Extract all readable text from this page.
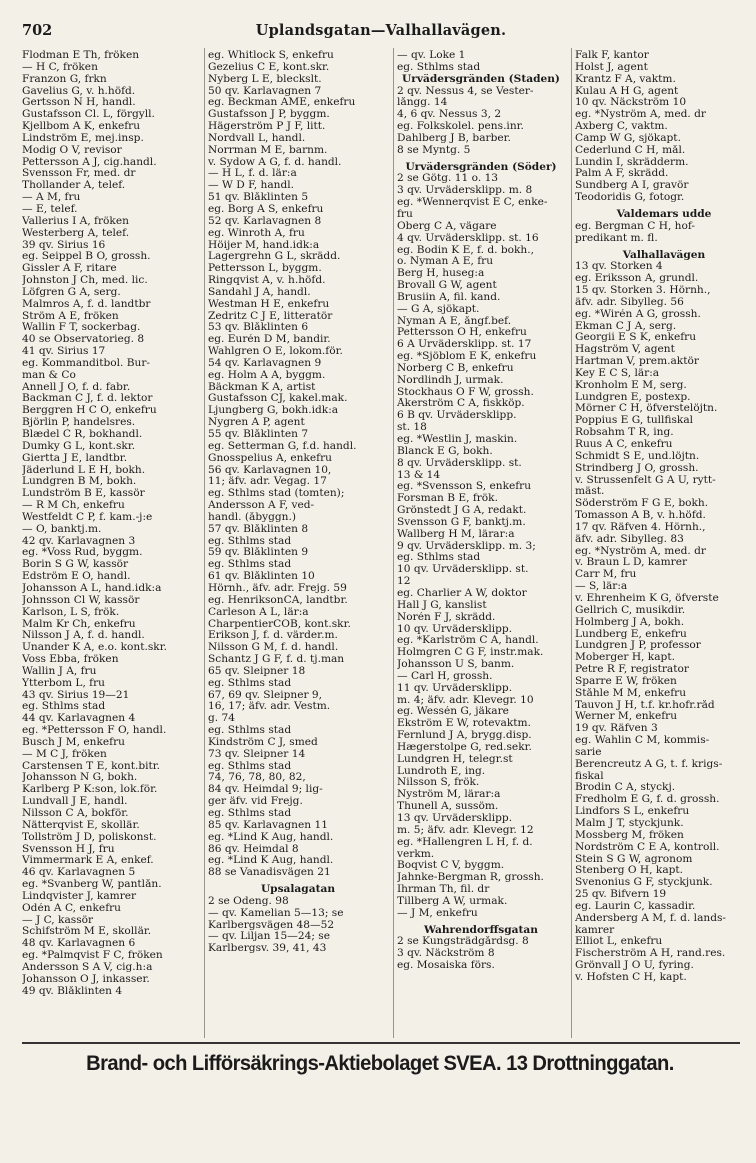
702	Uplandsgatan—Valhallavägen.
Flodman E Th, fröken
— H C, fröken
Franzon G, frkn
Gavelius G, v. h.höfd.
Gertsson N H, handl.
Gustafsson Cl. L, förgyll.
Kjellbom A K, enkefru
Lindström E, mej.insp.
Modig O V, revisor
Pettersson A J, cig.handl.
Svensson Fr, med. dr
Thollander A, telef.
— A M, fru
— E, telef.
Vallerius I A, fröken
Westerberg A, telef.
39 qv. Sirius 16
eg. Seippel B O, grossh.
Gissler A F, ritare
Johnston J Ch, med. lic.
Löfgren G A, serg.
Malmros A, f. d. landtbr
Ström A E, fröken
Wallin F T, sockerbag.
40 se Observatorieg. 8
41 qv. Sirius 17
eg. Kommanditbol. Bur-
man & Co
Annell J O, f. d. fabr.
Backman C J, f. d. lektor
Berggren H C O, enkefru
Björlin P, handelsres.
Blædel C R, bokhandl.
Dumky G L, kont.skr.
Giertta J E, landtbr.
Jäderlund L E H, bokh.
Lundgren B M, bokh.
Lundström B E, kassör
— R M Ch, enkefru
Westfeldt C P, f. kam.-j:e
— O, banktj.m.
42 qv. Karlavagnen 3
eg. *Voss Rud, byggm.
Borin S G W, kassör
Edström E O, handl.
Johansson A L, hand.idk:a
Johnsson Cl W, kassör
Karlson, L S, frök.
Malm Kr Ch, enkefru
Nilsson J A, f. d. handl.
Unander K A, e.o. kont.skr.
Voss Ebba, fröken
Wallin J A, fru
Ytterbom L, fru
43 qv. Sirius 19—21
eg. Sthlms stad
44 qv. Karlavagnen 4
eg. *Pettersson F O, handl.
Busch J M, enkefru
— M C J, fröken
Carstensen T E, kont.bitr.
Johansson N G, bokh.
Karlberg P K:son, lok.för.
Lundvall J E, handl.
Nilsson C A, bokför.
Nätterqvist E, skollär.
Tollström J D, poliskonst.
Svensson H J, fru
Vimmermark E A, enkef.
46 qv. Karlavagnen 5
eg. *Svanberg W, pantlån.
Lindqvister J, kamrer
Odén A C, enkefru
— J C, kassör
Schifström M E, skollär.
48 qv. Karlavagnen 6
eg. *Palmqvist F C, fröken
Andersson S A V, cig.h:a
Johansson O J, inkasser.
49 qv. Blåklinten 4
eg. Whitlock S, enkefru
Gezelius C E, kont.skr.
Nyberg L E, bleckslt.
50 qv. Karlavagnen 7
eg. Beckman AME, enkefru
Gustafsson J P, byggm.
Hägerström P J F, litt.
Nordvall L, handl.
Norrman M E, barnm.
v. Sydow A G, f. d. handl.
— H L, f. d. lär:a
— W D F, handl.
51 qv. Blåklinten 5
eg. Borg A S, enkefru
52 qv. Karlavagnen 8
eg. Winroth A, fru
Höijer M, hand.idk:a
Lagergrehn G L, skrädd.
Pettersson L, byggm.
Ringqvist A, v. h.höfd.
Sandahl J A, handl.
Westman H E, enkefru
Zedritz C J E, litteratör
53 qv. Blåklinten 6
eg. Eurén D M, bandir.
Wahlgren O E, lokom.för.
54 qv. Karlavagnen 9
eg. Holm A A, byggm.
Bäckman K A, artist
Gustafsson CJ, kakel.mak.
Ljungberg G, bokh.idk:a
Nygren A P, agent
55 qv. Blåklinten 7
eg. Setterman G, f.d. handl.
Gnosspelius A, enkefru
56 qv. Karlavagnen 10,
11; äfv. adr. Vegag. 17
eg. Sthlms stad (tomten);
Andersson A F, ved-
handl. (åbyggn.)
57 qv. Blåklinten 8
eg. Sthlms stad
59 qv. Blåklinten 9
eg. Sthlms stad
61 qv. Blåklinten 10
Hörnh., äfv. adr. Frejg. 59
eg. HenriksonCA, landtbr.
Carleson A L, lär:a
CharpentierCOB, kont.skr.
Erikson J, f. d. värder.m.
Nilsson G M, f. d. handl.
Schantz J G F, f. d. tj.man
65 qv. Sleipner 18
eg. Sthlms stad
67, 69 qv. Sleipner 9,
16, 17; äfv. adr. Vestm.
g. 74
eg. Sthlms stad
Kindström C J, smed
73 qv. Sleipner 14
eg. Sthlms stad
74, 76, 78, 80, 82,
84 qv. Heimdal 9; lig-
ger äfv. vid Frejg.
eg. Sthlms stad
85 qv. Karlavagnen 11
eg. *Lind K Aug, handl.
86 qv. Heimdal 8
eg. *Lind K Aug, handl.
88 se Vanadisvägen 21
Upsalagatan
2 se Odeng. 98
— qv. Kamelian 5—13; se
Karlbergsvägen 48—52
— qv. Liljan 15—24; se
Karlbergsv. 39, 41, 43
— qv. Loke 1
eg. Sthlms stad
Urvädersgränden (Staden)
2 qv. Nessus 4, se Vester-
långg. 14
4, 6 qv. Nessus 3, 2
eg. Folkskolel. pens.inr.
Dahlberg J B, barber.
8 se Myntg. 5
Urvädersgränden (Söder)
2 se Götg. 11 o. 13
3 qv. Urvädersklipp. m. 8
eg. *Wennerqvist E C, enke-
fru
Öberg C A, vägare
4 qv. Urvädersklipp. st. 16
eg. Bodin K E, f. d. bokh.,
o. Nyman A E, fru
Berg H, huseg:a
Brovall G W, agent
Brusiin A, fil. kand.
— G A, sjökapt.
Nyman A E, ångf.bef.
Pettersson O H, enkefru
6 A Urvädersklipp. st. 17
eg. *Sjöblom E K, enkefru
Norberg C B, enkefru
Nordlindh J, urmak.
Stockhaus O F W, grossh.
Åkerström C A, fiskköp.
6 B qv. Urvädersklipp.
st. 18
eg. *Westlin J, maskin.
Blanck E G, bokh.
8 qv. Urvädersklipp. st.
13 & 14
eg. *Svensson S, enkefru
Forsman B E, frök.
Grönstedt J G A, redakt.
Svensson G F, banktj.m.
Wallberg H M, lärar:a
9 qv. Urvädersklipp. m. 3;
eg. Sthlms stad
10 qv. Urvädersklipp. st.
12
eg. Charlier A W, doktor
Hall J G, kanslist
Norén F J, skrädd.
10 qv. Urvädersklipp.
eg. *Karlström C A, handl.
Holmgren C G F, instr.mak.
Johansson U S, banm.
— Carl H, grossh.
11 qv. Urvädersklipp.
m. 4; äfv. adr. Klevegr. 10
eg. Wessén G, jäkare
Ekström E W, rotevaktm.
Fernlund J A, brygg.disp.
Hægerstolpe G, red.sekr.
Lundgren H, telegr.st
Lundroth E, ing.
Nilsson S, frök.
Nyström M, lärar:a
Thunell A, sussöm.
13 qv. Urvädersklipp.
m. 5; äfv. adr. Klevegr. 12
eg. *Hallengren L H, f. d.
verkm.
Boqvist C V, byggm.
Jahnke-Bergman R, grossh.
Ihrman Th, fil. dr
Tillberg A W, urmak.
— J M, enkefru
Wahrendorffsgatan
2 se Kungsträdgårdsg. 8
3 qv. Näckström 8
eg. Mosaiska förs.
Falk F, kantor
Holst J, agent
Krantz F A, vaktm.
Kulau A H G, agent
10 qv. Näckström 10
eg. *Nyström A, med. dr
Axberg C, vaktm.
Camp W G, sjökapt.
Cederlund C H, mål.
Lundin I, skrädderm.
Palm A F, skrädd.
Sundberg A I, gravör
Teodoridis G, fotogr.
Valdemars udde
eg. Bergman C H, hof-
predikant m. fl.
Valhallavägen
13 qv. Storken 4
eg. Eriksson A, grundl.
15 qv. Storken 3. Hörnh.,
äfv. adr. Sibylleg. 56
eg. *Wirén A G, grossh.
Ekman C J A, serg.
Georgii E S K, enkefru
Hagström V, agent
Hartman V, prem.aktör
Key E C S, lär:a
Kronholm E M, serg.
Lundgren E, postexp.
Mörner C H, öfverstelöjtn.
Poppius E G, tullfiskal
Robsahm T R, ing.
Ruus A C, enkefru
Schmidt S E, und.löjtn.
Strindberg J O, grossh.
v. Strussenfelt G A U, rytt-
mäst.
Söderström F G E, bokh.
Tomasson A B, v. h.höfd.
17 qv. Räfven 4. Hörnh.,
äfv. adr. Sibylleg. 83
eg. *Nyström A, med. dr
v. Braun L D, kamrer
Carr M, fru
— S, lär:a
v. Ehrenheim K G, öfverste
Gellrich C, musikdir.
Holmberg J A, bokh.
Lundberg E, enkefru
Lundgren J P, professor
Moberger H, kapt.
Petre R F, registrator
Sparre E W, fröken
Ståhle M M, enkefru
Tauvon J H, t.f. kr.hofr.råd
Werner M, enkefru
19 qv. Räfven 3
eg. Wahlin C M, kommis-
sarie
Berencreutz A G, t. f. krigs-
fiskal
Brodin C A, styckj.
Fredholm E G, f. d. grossh.
Lindfors S L, enkefru
Malm J T, styckjunk.
Mossberg M, fröken
Nordström C E A, kontroll.
Stein S G W, agronom
Stenberg O H, kapt.
Svenonius G F, styckjunk.
25 qv. Bifvern 19
eg. Laurin C, kassadir.
Andersberg A M, f. d. lands-
kamrer
Elliot L, enkefru
Fischerström A H, rand.res.
Grönvall J O U, fyring.
v. Hofsten C H, kapt.
Brand- och Lifförsäkrings-Aktiebolaget SVEA. 13 Drottninggatan.
